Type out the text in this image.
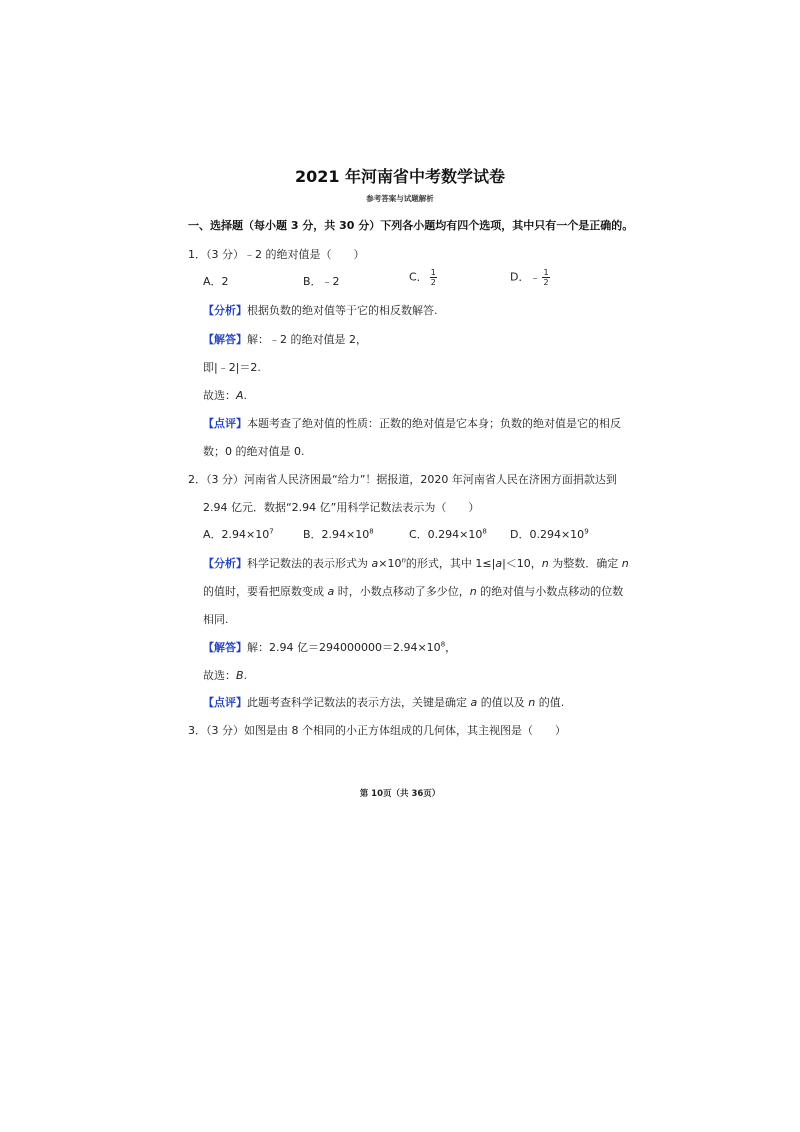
2021 年河南省中考数学试卷
参考答案与试题解析
一、选择题（每小题 3 分，共 30 分）下列各小题均有四个选项，其中只有一个是正确的。
1．（3 分）﹣2 的绝对值是（　　）
A．2	B．﹣2	C． $\frac{1}{2}$	D．﹣ $\frac{1}{2}$
【分析】根据负数的绝对值等于它的相反数解答.
【解答】解：﹣2 的绝对值是 2，
即|﹣2|＝2.
故选：A.
【点评】本题考查了绝对值的性质：正数的绝对值是它本身；负数的绝对值是它的相反
数；0 的绝对值是 0.
2．（3 分）河南省人民济困最“给力”！据报道，2020 年河南省人民在济困方面捐款达到
2.94 亿元．数据“2.94 亿”用科学记数法表示为（　　）
A．$2.94\times 10^7$	B．$2.94\times 10^8$	C．$0.294\times 10^8$ D．$0.294\times 10^9$
【分析】科学记数法的表示形式为 $a\times 10^n$的形式，其中 1≤|a|＜10，n 为整数．确定 n
的值时，要看把原数变成 a 时，小数点移动了多少位，n 的绝对值与小数点移动的位数
相同.
【解答】解：2.94 亿$=294000000=2.94\times 10^8$，
故选：B.
【点评】此题考查科学记数法的表示方法，关键是确定 a 的值以及 n 的值.
3．（3 分）如图是由 8 个相同的小正方体组成的几何体，其主视图是（　　）
第 10页（共 36页）
